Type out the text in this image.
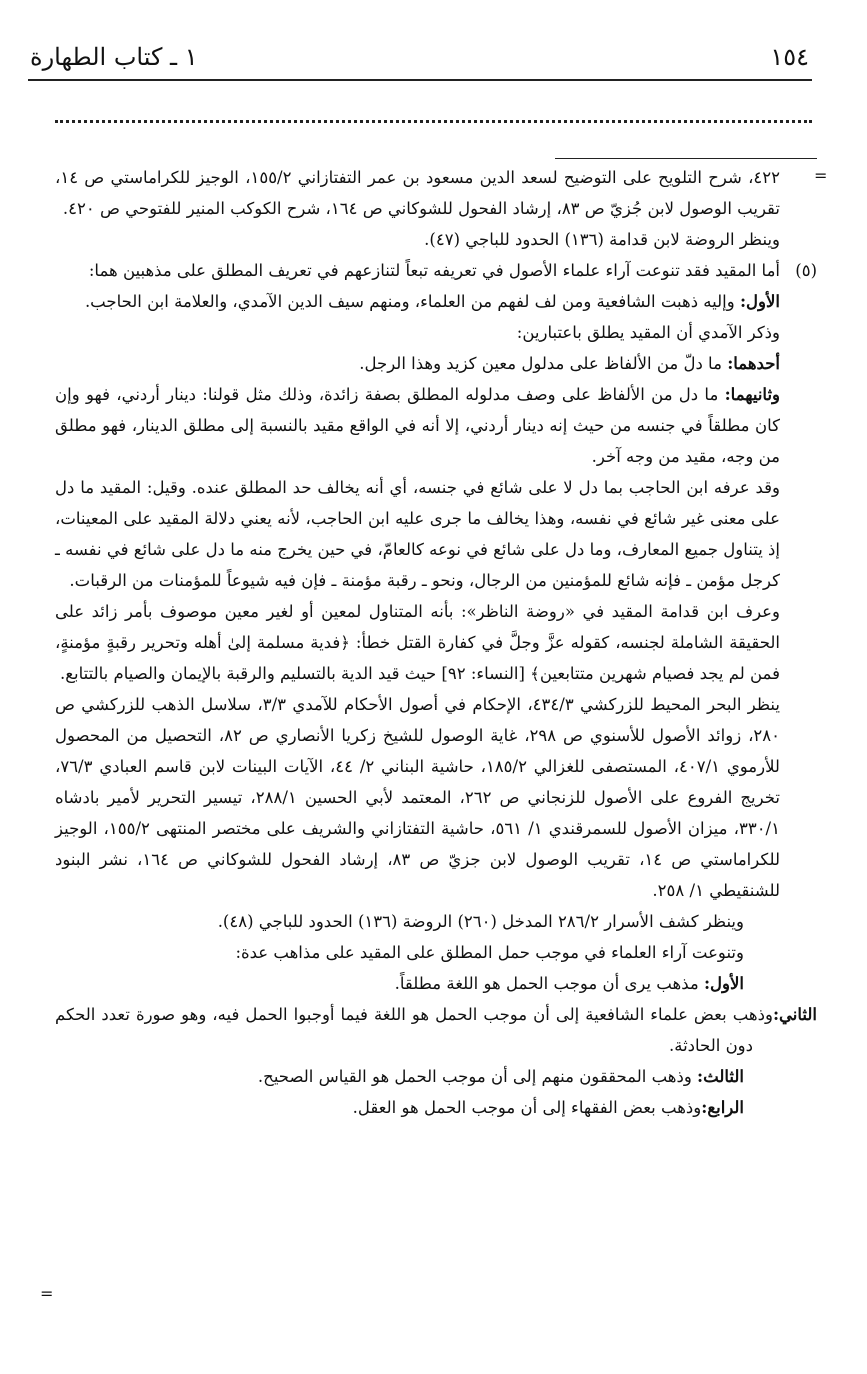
١٥٤
١ ـ كتاب الطهارة
=
=

٤٢٢، شرح التلويح على التوضيح لسعد الدين مسعود بن عمر التفتازاني ١٥٥/٢، الوجيز للكراماستي ص ١٤، تقريب الوصول لابن جُزيّ ص ٨٣، إرشاد الفحول للشوكاني ص ١٦٤، شرح الكوكب المنير للفتوحي ص ٤٢٠.

وينظر الروضة لابن قدامة (١٣٦) الحدود للباجي (٤٧).

(٥)
أما المقيد فقد تنوعت آراء علماء الأصول في تعريفه تبعاً لتنازعهم في تعريف المطلق على مذهبين هما:

الأول: وإليه ذهبت الشافعية ومن لف لفهم من العلماء، ومنهم سيف الدين الآمدي، والعلامة ابن الحاجب.

وذكر الآمدي أن المقيد يطلق باعتبارين:

أحدهما: ما دلّ من الألفاظ على مدلول معين كزيد وهذا الرجل.

وثانيهما: ما دل من الألفاظ على وصف مدلوله المطلق بصفة زائدة، وذلك مثل قولنا: دينار أردني، فهو وإن كان مطلقاً في جنسه من حيث إنه دينار أردني، إلا أنه في الواقع مقيد بالنسبة إلى مطلق الدينار، فهو مطلق من وجه، مقيد من وجه آخر.

وقد عرفه ابن الحاجب بما دل لا على شائع في جنسه، أي أنه يخالف حد المطلق عنده. وقيل: المقيد ما دل على معنى غير شائع في نفسه، وهذا يخالف ما جرى عليه ابن الحاجب، لأنه يعني دلالة المقيد على المعينات، إذ يتناول جميع المعارف، وما دل على شائع في نوعه كالعامّ، في حين يخرج منه ما دل على شائع في نفسه ـ كرجل مؤمن ـ فإنه شائع للمؤمنين من الرجال، ونحو ـ رقبة مؤمنة ـ فإن فيه شيوعاً للمؤمنات من الرقبات.

وعرف ابن قدامة المقيد في «روضة الناظر»: بأنه المتناول لمعين أو لغير معين موصوف بأمر زائد على الحقيقة الشاملة لجنسه، كقوله عزَّ وجلَّ في كفارة القتل خطأ: ﴿فدية مسلمة إلىٰ أهله وتحرير رقبةٍ مؤمنةٍ، فمن لم يجد فصيام شهرين متتابعين﴾ [النساء: ٩٢] حيث قيد الدية بالتسليم والرقبة بالإيمان والصيام بالتتابع.

ينظر البحر المحيط للزركشي ٤٣٤/٣، الإحكام في أصول الأحكام للآمدي ٣/٣، سلاسل الذهب للزركشي ص ٢٨٠، زوائد الأصول للأسنوي ص ٢٩٨، غاية الوصول للشيخ زكريا الأنصاري ص ٨٢، التحصيل من المحصول للأرموي ٤٠٧/١، المستصفى للغزالي ١٨٥/٢، حاشية البناني ٢/ ٤٤، الآيات البينات لابن قاسم العبادي ٧٦/٣، تخريج الفروع على الأصول للزنجاني ص ٢٦٢، المعتمد لأبي الحسين ٢٨٨/١، تيسير التحرير لأمير بادشاه ٣٣٠/١، ميزان الأصول للسمرقندي ١/ ٥٦١، حاشية التفتازاني والشريف على مختصر المنتهى ١٥٥/٢، الوجيز للكراماستي ص ١٤، تقريب الوصول لابن جزيّ ص ٨٣، إرشاد الفحول للشوكاني ص ١٦٤، نشر البنود للشنقيطي ١/ ٢٥٨.

وينظر كشف الأسرار ٢٨٦/٢ المدخل (٢٦٠) الروضة (١٣٦) الحدود للباجي (٤٨).

وتنوعت آراء العلماء في موجب حمل المطلق على المقيد على مذاهب عدة:

الأول: مذهب يرى أن موجب الحمل هو اللغة مطلقاً.

الثاني:وذهب بعض علماء الشافعية إلى أن موجب الحمل هو اللغة فيما أوجبوا الحمل فيه، وهو صورة تعدد الحكم دون الحادثة.

الثالث: وذهب المحققون منهم إلى أن موجب الحمل هو القياس الصحيح.

الرابع:وذهب بعض الفقهاء إلى أن موجب الحمل هو العقل.
